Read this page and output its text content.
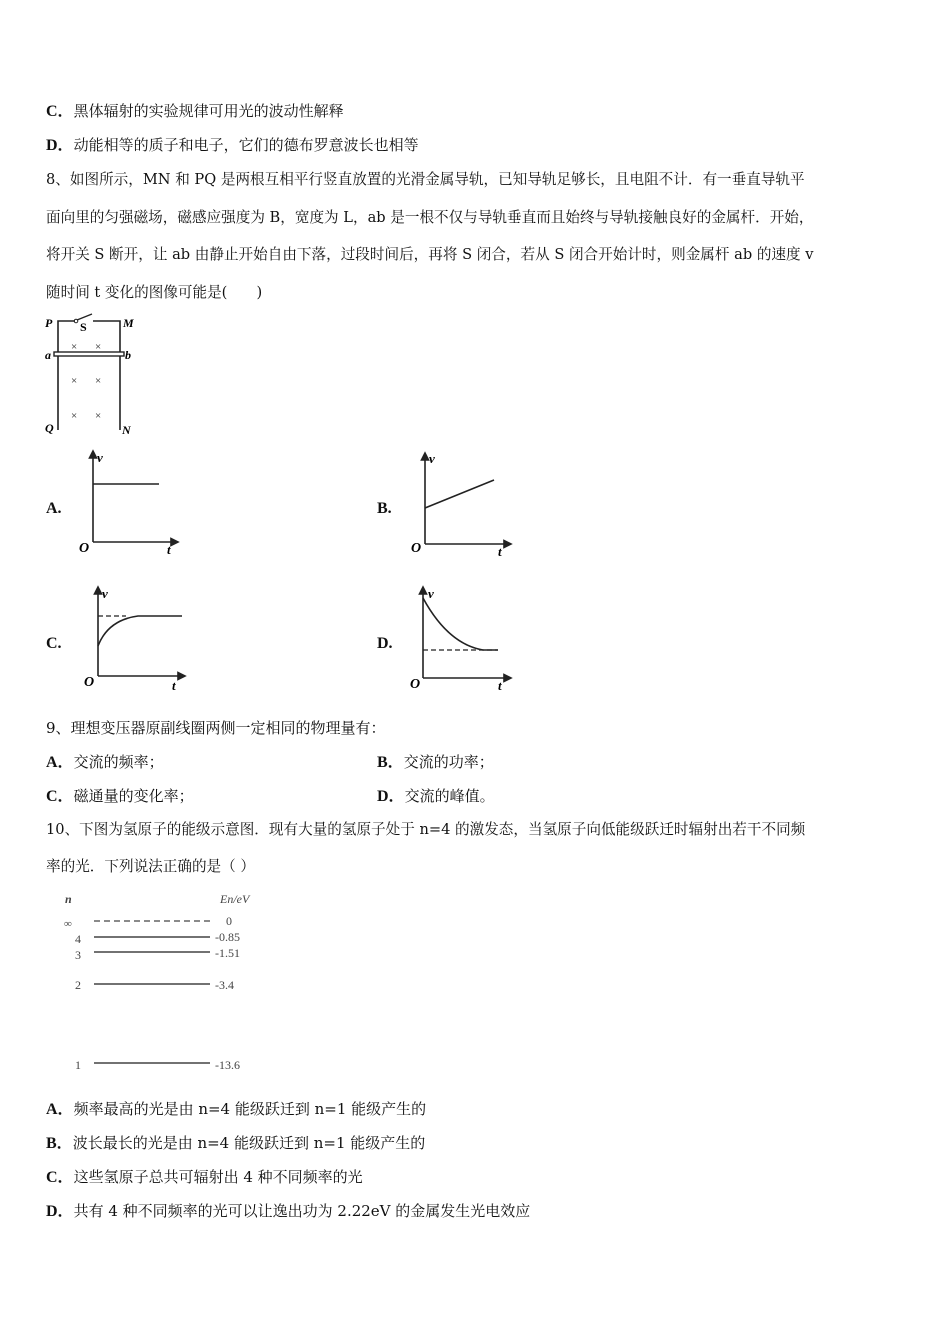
C．黑体辐射的实验规律可用光的波动性解释
D．动能相等的质子和电子，它们的德布罗意波长也相等
8、如图所示，MN 和 PQ 是两根互相平行竖直放置的光滑金属导轨，已知导轨足够长，且电阻不计．有一垂直导轨平
面向里的匀强磁场，磁感应强度为 B，宽度为 L，ab 是一根不仅与导轨垂直而且始终与导轨接触良好的金属杆．开始，
将开关 S 断开，让 ab 由静止开始自由下落，过段时间后，再将 S 闭合，若从 S 闭合开始计时，则金属杆 ab 的速度 v
随时间 t 变化的图像可能是(　　)
P S	M
a	b
Q	N
× ×
× ×
× ×
A.
v
t
O
B.
v
t
O
C.
v
t
O
D.
v
t
O
9、理想变压器原副线圈两侧一定相同的物理量有：
A．交流的频率；	B．交流的功率；
C．磁通量的变化率；	D．交流的峰值。
10、下图为氢原子的能级示意图．现有大量的氢原子处于 n=4 的激发态，当氢原子向低能级跃迁时辐射出若干不同频
率的光．下列说法正确的是（ ）
n	En/eV
∞	0
4	-0.85
3	-1.51
2	-3.4
1	-13.6
A．频率最高的光是由 n=4 能级跃迁到 n=1 能级产生的
B．波长最长的光是由 n=4 能级跃迁到 n=1 能级产生的
C．这些氢原子总共可辐射出 4 种不同频率的光
D．共有 4 种不同频率的光可以让逸出功为 2.22eV 的金属发生光电效应
